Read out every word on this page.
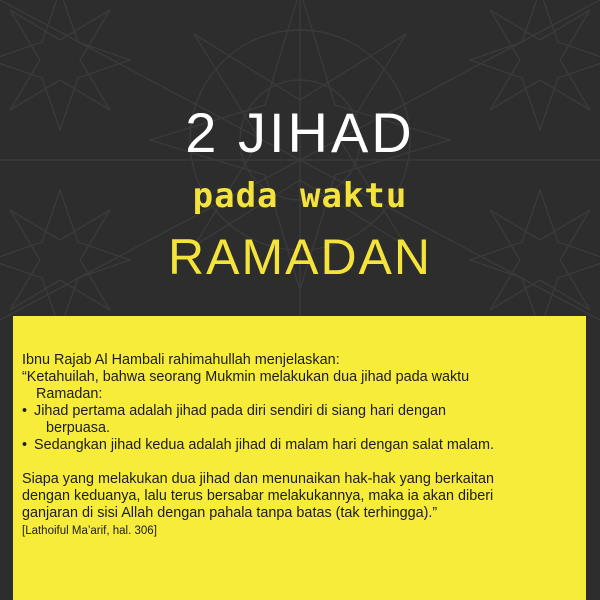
2 JIHAD
pada waktu
RAMADAN

Ibnu Rajab Al Hambali rahimahullah menjelaskan:

“Ketahuilah, bahwa seorang Mukmin melakukan dua jihad pada waktu

Ramadan:

• Jihad pertama adalah jihad pada diri sendiri di siang hari dengan
berpuasa.
• Sedangkan jihad kedua adalah jihad di malam hari dengan salat malam.

Siapa yang melakukan dua jihad dan menunaikan hak-hak yang berkaitan

dengan keduanya, lalu terus bersabar melakukannya, maka ia akan diberi

ganjaran di sisi Allah dengan pahala tanpa batas (tak terhingga).”

[Lathoiful Ma’arif, hal. 306]
